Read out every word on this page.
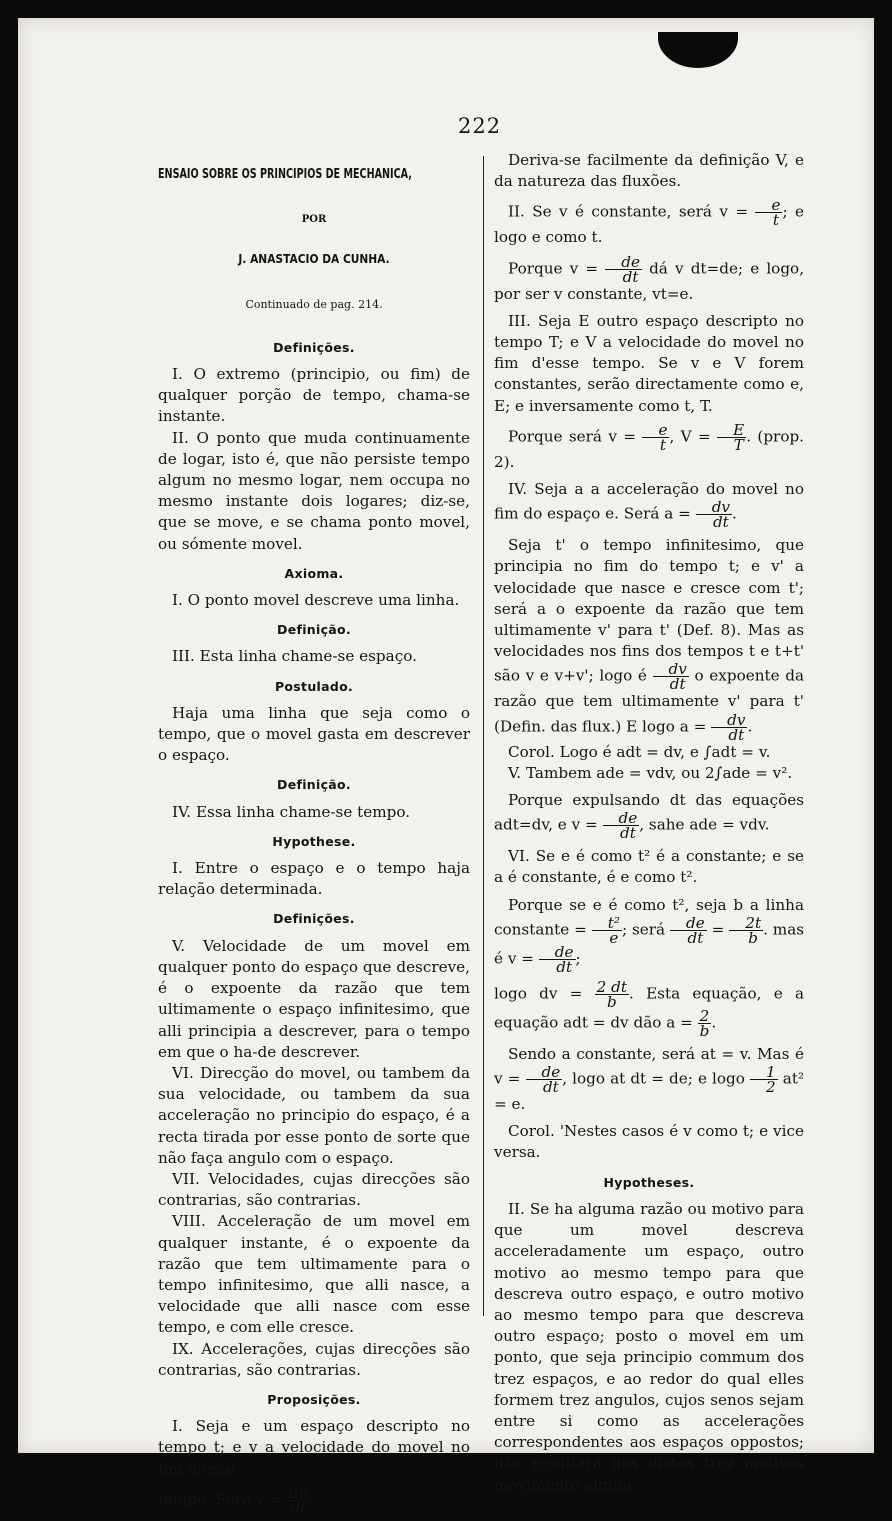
222
ENSAIO SOBRE OS PRINCIPIOS DE MECHANICA,
POR
J. ANASTACIO DA CUNHA.
Continuado de pag. 214.
Definições.

I. O extremo (principio, ou fim) de qualquer porção de tempo, chama-se instante.

II. O ponto que muda continuamente de logar, isto é, que não persiste tempo algum no mesmo logar, nem occupa no mesmo instante dois logares; diz-se, que se move, e se chama ponto movel, ou sómente movel.

Axioma.

I. O ponto movel descreve uma linha.

Definição.

III. Esta linha chame-se espaço.

Postulado.

Haja uma linha que seja como o tempo, que o movel gasta em descrever o espaço.

Definição.

IV. Essa linha chame-se tempo.

Hypothese.

I. Entre o espaço e o tempo haja relação determinada.

Definições.

V. Velocidade de um movel em qualquer ponto do espaço que descreve, é o expoente da razão que tem ultimamente o espaço infinitesimo, que alli principia a descrever, para o tempo em que o ha-de descrever.

VI. Direcção do movel, ou tambem da sua velocidade, ou tambem da sua acceleração no principio do espaço, é a recta tirada por esse ponto de sorte que não faça angulo com o espaço.

VII. Velocidades, cujas direcções são contrarias, são contrarias.

VIII. Acceleração de um movel em qualquer instante, é o expoente da razão que tem ultimamente para o tempo infinitesimo, que alli nasce, a velocidade que alli nasce com esse tempo, e com elle cresce.

IX. Accelerações, cujas direcções são contrarias, são contrarias.

Proposições.

I. Seja e um espaço descripto no tempo t; e v a velocidade do movel no fim d'esse

tempo. Será $v = \frac{de}{dt}$ .

Deriva-se facilmente da definição V, e da natureza das fluxões.

II. Se v é constante, será $v = \frac{e}{t}$ ; e logo e como t.

Porque $v = \frac{de}{dt}$ dá v dt=de; e logo, por ser v constante, vt=e.

III. Seja E outro espaço descripto no tempo T; e V a velocidade do movel no fim d'esse tempo. Se v e V forem constantes, serão directamente como e, E; e inversamente como t, T.

Porque será $v = \frac{e}{t}$ , $V = \frac{E}{T}$ . (prop. 2).

IV. Seja a a acceleração do movel no fim do espaço e. Será $a = \frac{dv}{dt}$ .

Seja t' o tempo infinitesimo, que principia no fim do tempo t; e v' a velocidade que nasce e cresce com t'; será a o expoente da razão que tem ultimamente v' para t' (Def. 8). Mas as velocidades nos fins dos tempos t e t+t' são v e v+v'; logo é $\frac{dv}{dt}$ o expoente da razão que tem ultimamente v' para t' (Defin. das flux.) E logo $a = \frac{dv}{dt}$ .

Corol. Logo é adt = dv, e ∫adt = v.

V. Tambem ade = vdv, ou 2∫ade = v².

Porque expulsando dt das equações adt=dv, e $v = \frac{de}{dt}$ , sahe ade = vdv.

VI. Se e é como t² é a constante; e se a é constante, é e como t².

Porque se e é como t², seja b a linha constante = $\frac{\text{t²}}{e}$ ; será $\frac{de}{dt} = \frac{2t}{b}$ . mas é $v = \frac{de}{dt}$ ;

logo dv = $\frac{2 dt}{b}$ . Esta equação, e a equação adt = dv dão $a = \frac{2}{b}$ .

Sendo a constante, será at = v. Mas é $v = \frac{de}{dt}$ , logo at dt = de; e logo $\frac{1}{2} at^2 = e$.

Corol. 'Nestes casos é v como t; e vice versa.

Hypotheses.

II. Se ha alguma razão ou motivo para que um movel descreva acceleradamente um espaço, outro motivo ao mesmo tempo para que descreva outro espaço, e outro motivo ao mesmo tempo para que descreva outro espaço; posto o movel em um ponto, que seja principio commum dos trez espaços, e ao redor do qual elles formem trez angulos, cujos senos sejam entre si como as accelerações correspondentes aos espaços oppostos; não resultará dos dictos trez motivos movimento algum.
